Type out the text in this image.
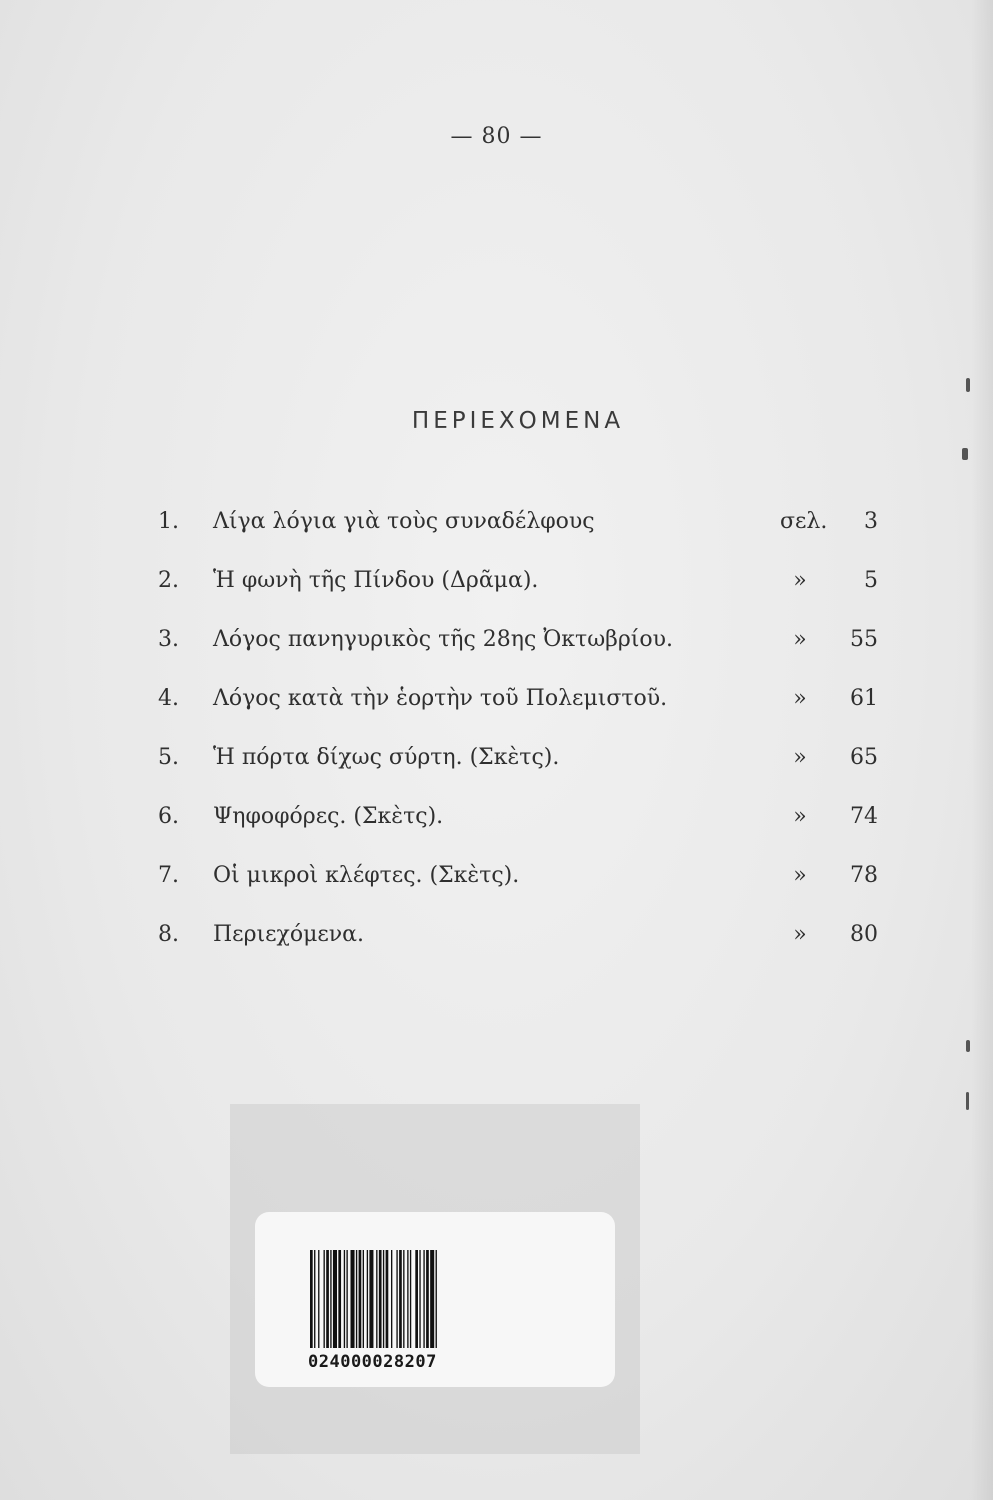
— 80 —
ΠΕΡΙΕΧΟΜΕΝΑ
1. Λίγα λόγια γιὰ τοὺς συναδέλφους	σελ. 3
2. Ἡ φωνὴ τῆς Πίνδου (Δρᾶμα).	»	5
3. Λόγος πανηγυρικὸς τῆς 28ης Ὀκτωβρίου.	»	55
4. Λόγος κατὰ τὴν ἑορτὴν τοῦ Πολεμιστοῦ.	»	61
5. Ἡ πόρτα δίχως σύρτη. (Σκὲτς).	»	65
6. Ψηφοφόρες. (Σκὲτς).	»	74
7. Οἱ μικροὶ κλέφτες. (Σκὲτς).	»	78
8. Περιεχόμενα.	»	80
024000028207
